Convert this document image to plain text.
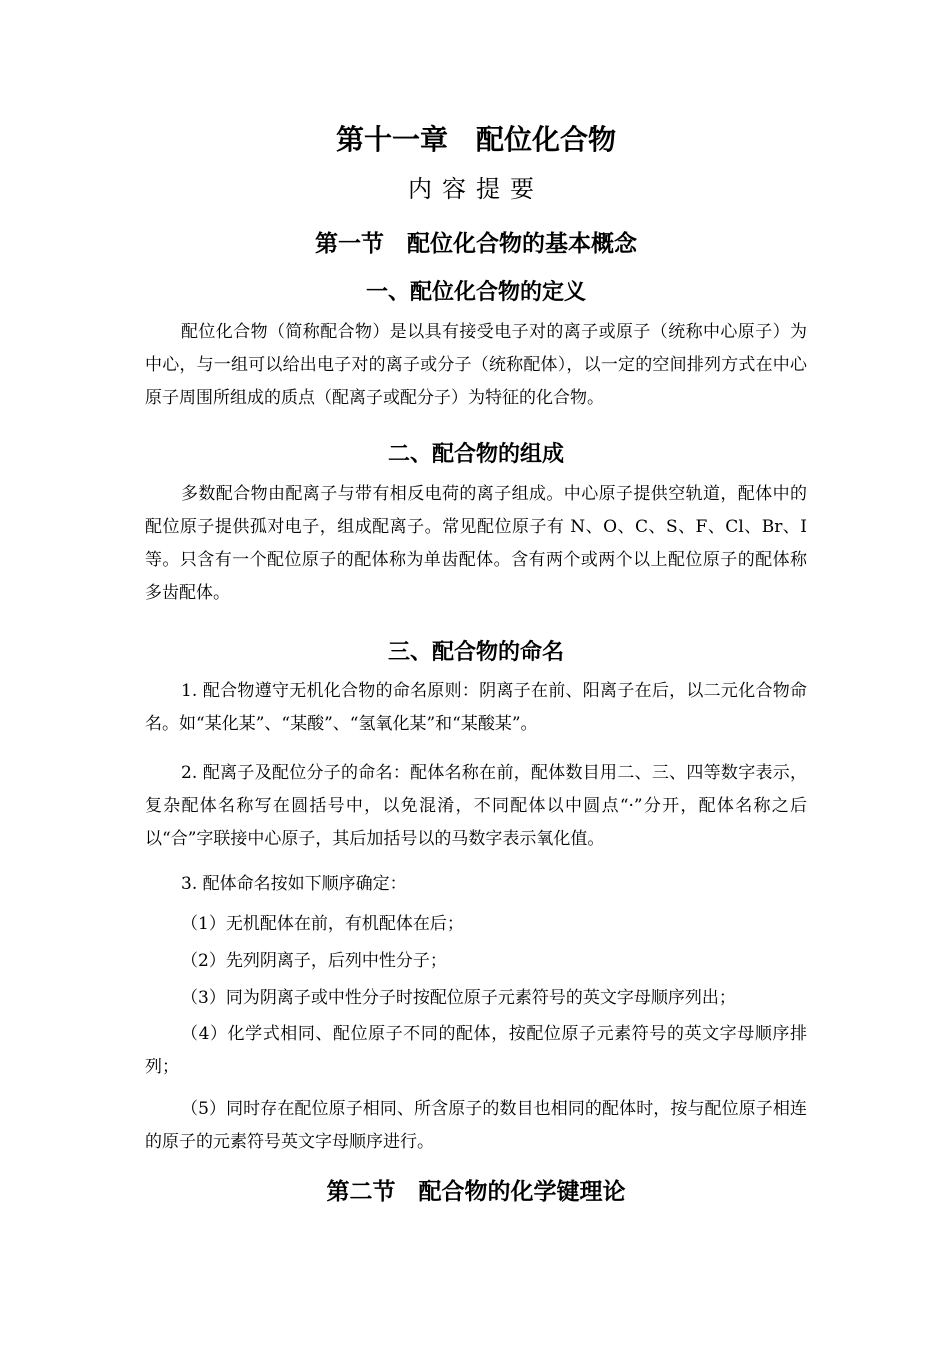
第十一章　配位化合物
内容提要
第一节　配位化合物的基本概念
一、配位化合物的定义

配位化合物（简称配合物）是以具有接受电子对的离子或原子（统称中心原子）为中心，与一组可以给出电子对的离子或分子（统称配体），以一定的空间排列方式在中心原子周围所组成的质点（配离子或配分子）为特征的化合物。

二、配合物的组成

多数配合物由配离子与带有相反电荷的离子组成。中心原子提供空轨道，配体中的配位原子提供孤对电子，组成配离子。常见配位原子有 N、O、C、S、F、Cl、Br、I 等。只含有一个配位原子的配体称为单齿配体。含有两个或两个以上配位原子的配体称多齿配体。

三、配合物的命名

1. 配合物遵守无机化合物的命名原则：阴离子在前、阳离子在后，以二元化合物命名。如“某化某”、“某酸”、“氢氧化某”和“某酸某”。

2. 配离子及配位分子的命名：配体名称在前，配体数目用二、三、四等数字表示，复杂配体名称写在圆括号中，以免混淆，不同配体以中圆点“·”分开，配体名称之后以“合”字联接中心原子，其后加括号以的马数字表示氧化值。

3. 配体命名按如下顺序确定：

（1）无机配体在前，有机配体在后；

（2）先列阴离子，后列中性分子；

（3）同为阴离子或中性分子时按配位原子元素符号的英文字母顺序列出；

（4）化学式相同、配位原子不同的配体，按配位原子元素符号的英文字母顺序排列；

（5）同时存在配位原子相同、所含原子的数目也相同的配体时，按与配位原子相连的原子的元素符号英文字母顺序进行。

第二节　配合物的化学键理论
